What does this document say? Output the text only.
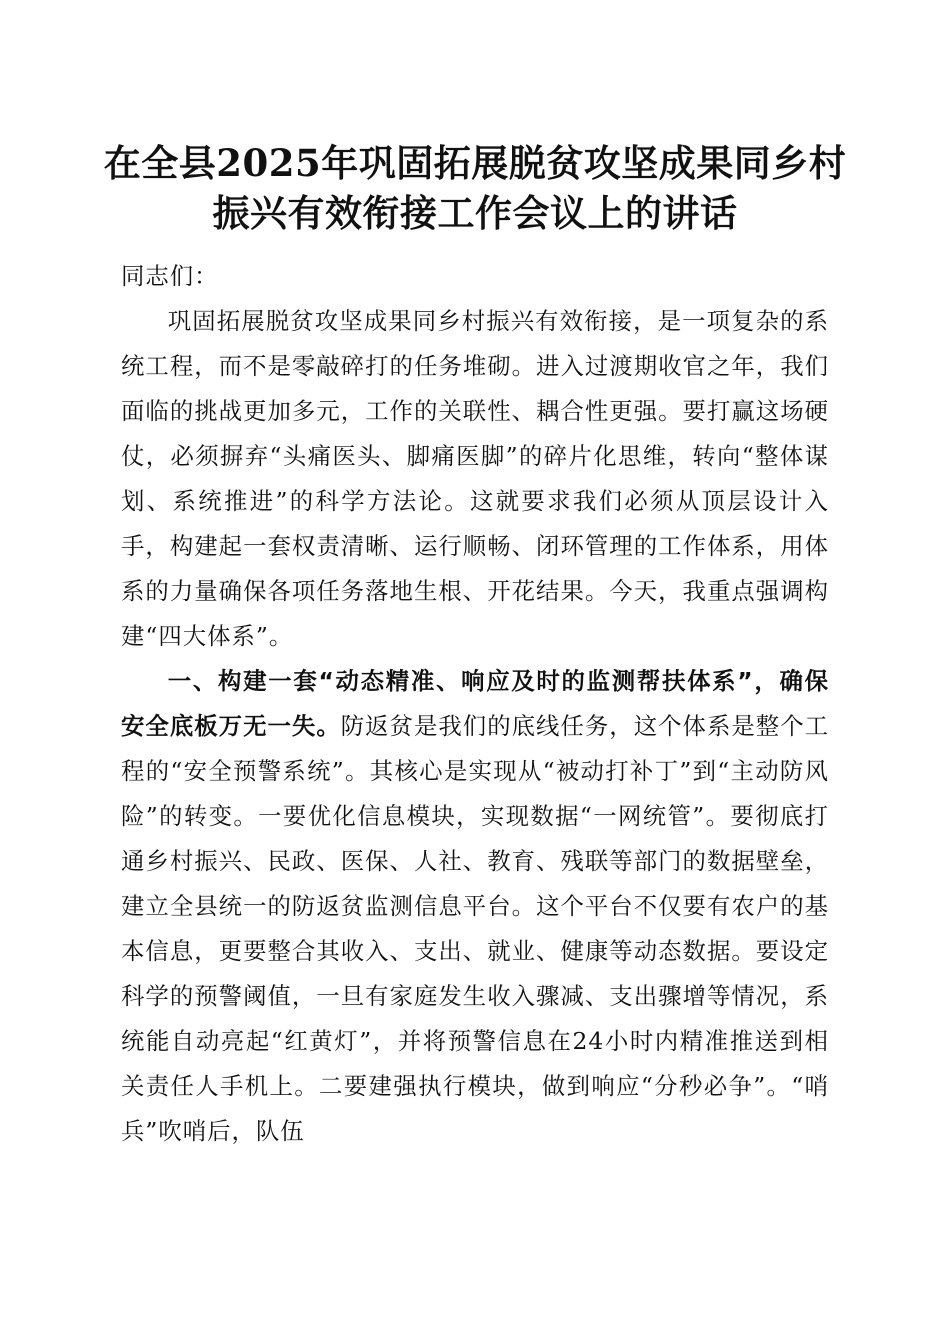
在全县2025年巩固拓展脱贫攻坚成果同乡村
振兴有效衔接工作会议上的讲话

同志们：

巩固拓展脱贫攻坚成果同乡村振兴有效衔接，是一项复杂的系统工程，而不是零敲碎打的任务堆砌。进入过渡期收官之年，我们面临的挑战更加多元，工作的关联性、耦合性更强。要打赢这场硬仗，必须摒弃“头痛医头、脚痛医脚”的碎片化思维，转向“整体谋划、系统推进”的科学方法论。这就要求我们必须从顶层设计入手，构建起一套权责清晰、运行顺畅、闭环管理的工作体系，用体系的力量确保各项任务落地生根、开花结果。今天，我重点强调构建“四大体系”。

一、构建一套“动态精准、响应及时的监测帮扶体系”，确保安全底板万无一失。防返贫是我们的底线任务，这个体系是整个工程的“安全预警系统”。其核心是实现从“被动打补丁”到“主动防风险”的转变。一要优化信息模块，实现数据“一网统管”。要彻底打通乡村振兴、民政、医保、人社、教育、残联等部门的数据壁垒，建立全县统一的防返贫监测信息平台。这个平台不仅要有农户的基本信息，更要整合其收入、支出、就业、健康等动态数据。要设定科学的预警阈值，一旦有家庭发生收入骤减、支出骤增等情况，系统能自动亮起“红黄灯”，并将预警信息在24小时内精准推送到相关责任人手机上。二要建强执行模块，做到响应“分秒必争”。“哨兵”吹哨后，队伍
